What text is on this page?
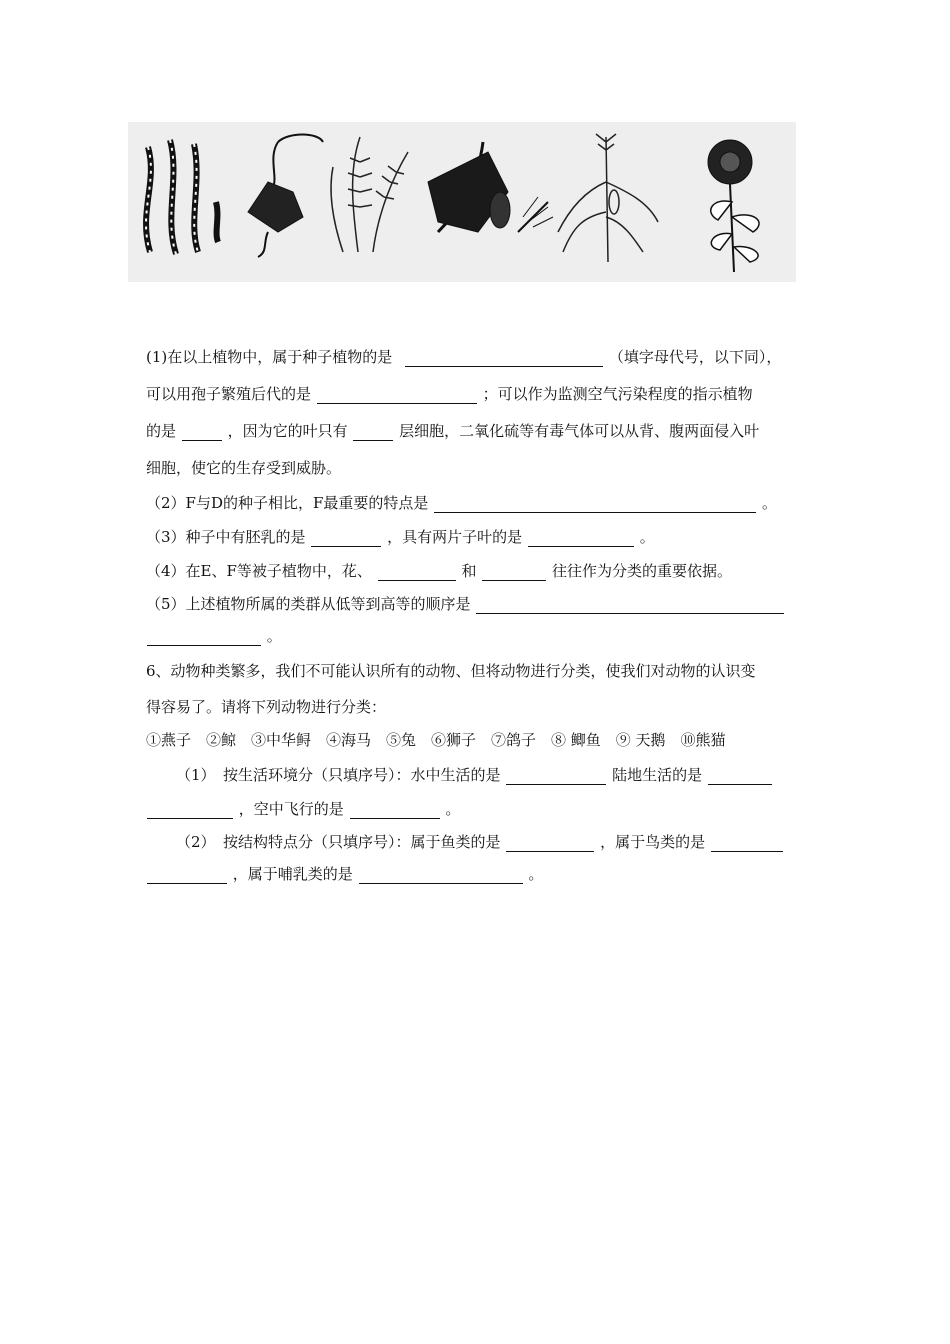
(1)在以上植物中，属于种子植物的是	（填字母代号，以下同），
可以用孢子繁殖后代的是	；可以作为监测空气污染程度的指示植物
的是	，因为它的叶只有	层细胞，二氧化硫等有毒气体可以从背、腹两面侵入叶
细胞，使它的生存受到威胁。
（2）F与D的种子相比，F最重要的特点是	。
（3）种子中有胚乳的是	，具有两片子叶的是	。
（4）在E、F等被子植物中，花、	和	往往作为分类的重要依据。
（5）上述植物所属的类群从低等到高等的顺序是
。
6、动物种类繁多，我们不可能认识所有的动物、但将动物进行分类，使我们对动物的认识变
得容易了。请将下列动物进行分类：
①燕子　②鲸　③中华鲟　④海马　⑤兔　⑥狮子　⑦鸽子　⑧ 鲫鱼　⑨ 天鹅　⑩熊猫
（1）　按生活环境分（只填序号）：水中生活的是	陆地生活的是
，空中飞行的是	。
（2）　按结构特点分（只填序号）：属于鱼类的是	，属于鸟类的是
，属于哺乳类的是	。
